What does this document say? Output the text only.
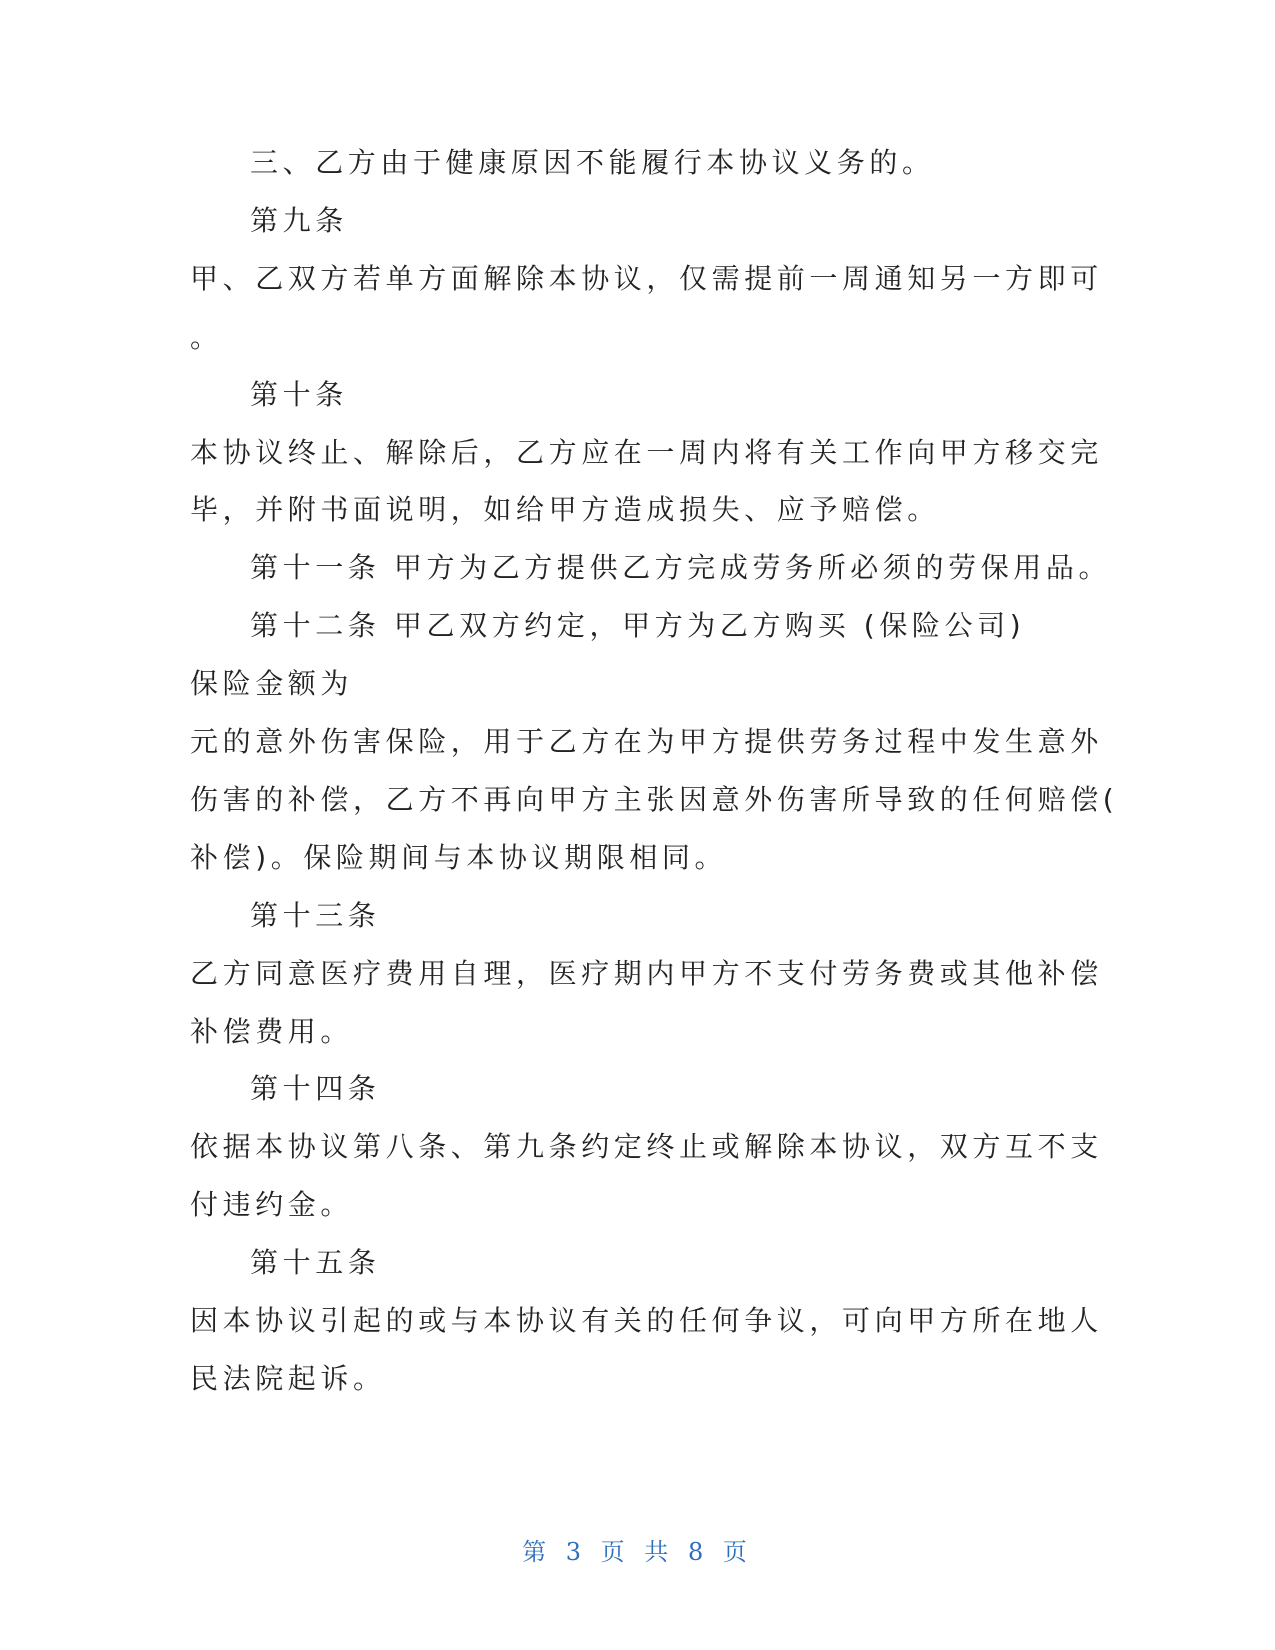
三、乙方由于健康原因不能履行本协议义务的。
第九条
甲、乙双方若单方面解除本协议，仅需提前一周通知另一方即可
。
第十条
本协议终止、解除后，乙方应在一周内将有关工作向甲方移交完
毕，并附书面说明，如给甲方造成损失、应予赔偿。
第十一条 甲方为乙方提供乙方完成劳务所必须的劳保用品。
第十二条 甲乙双方约定，甲方为乙方购买 (保险公司)
保险金额为
元的意外伤害保险，用于乙方在为甲方提供劳务过程中发生意外
伤害的补偿，乙方不再向甲方主张因意外伤害所导致的任何赔偿(
补偿)。保险期间与本协议期限相同。
第十三条
乙方同意医疗费用自理，医疗期内甲方不支付劳务费或其他补偿
补偿费用。
第十四条
依据本协议第八条、第九条约定终止或解除本协议，双方互不支
付违约金。
第十五条
因本协议引起的或与本协议有关的任何争议，可向甲方所在地人
民法院起诉。
第 3 页 共 8 页
